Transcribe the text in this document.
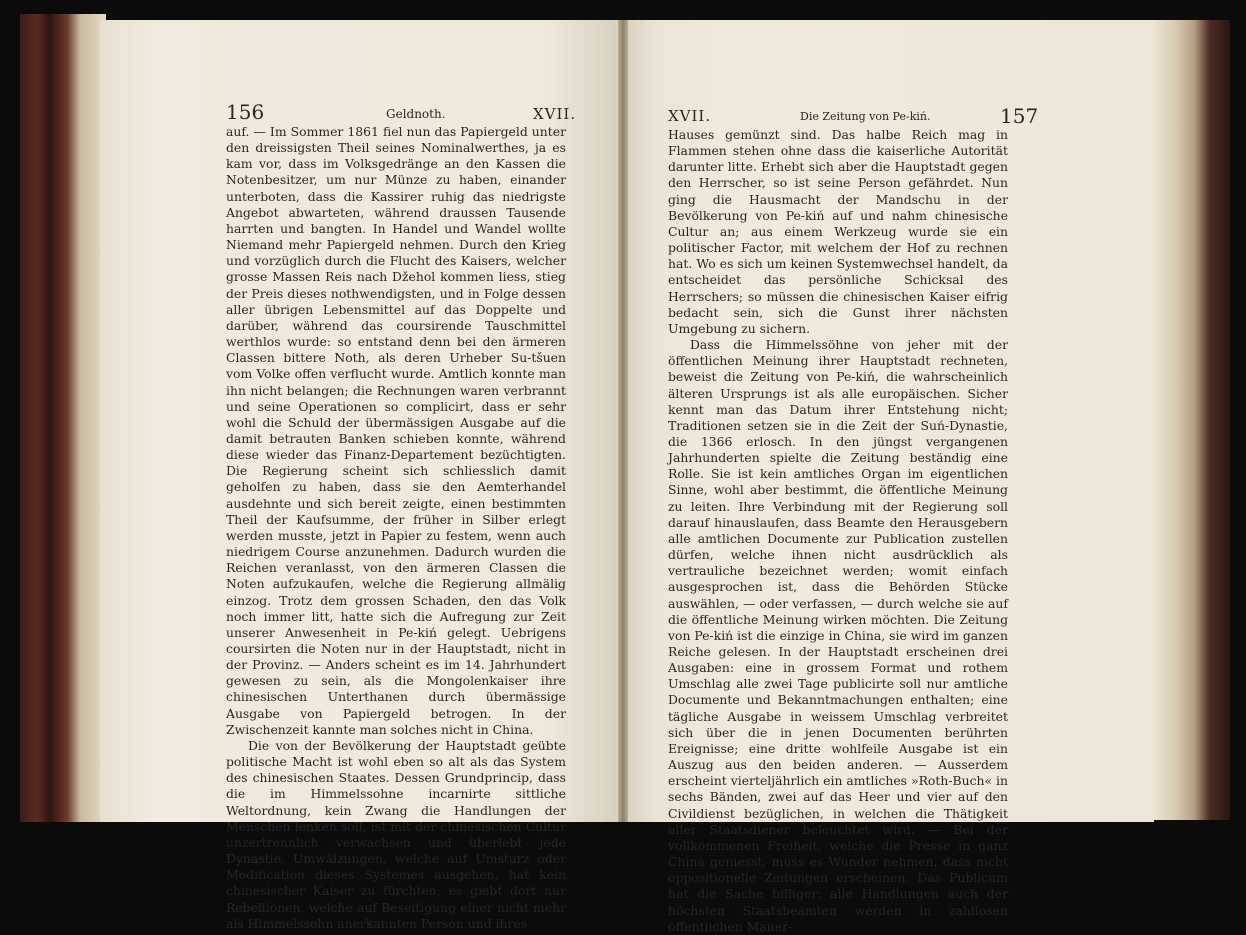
156	Geldnoth.	XVII.	XVII.	Die Zeitung von Pe-kiń.	157

auf. — Im Sommer 1861 fiel nun das Papiergeld unter den dreissigsten Theil seines Nominalwerthes, ja es kam vor, dass im Volksgedränge an den Kassen die Notenbesitzer, um nur Münze zu haben, einander unterboten, dass die Kassirer ruhig das niedrigste Angebot abwarteten, während draussen Tausende harrten und bangten. In Handel und Wandel wollte Niemand mehr Papiergeld nehmen. Durch den Krieg und vorzüglich durch die Flucht des Kaisers, welcher grosse Massen Reis nach Džehol kommen liess, stieg der Preis dieses nothwendigsten, und in Folge dessen aller übrigen Lebensmittel auf das Doppelte und darüber, während das coursirende Tauschmittel werthlos wurde: so entstand denn bei den ärmeren Classen bittere Noth, als deren Urheber Su-tšuen vom Volke offen verflucht wurde. Amtlich konnte man ihn nicht belangen; die Rechnungen waren verbrannt und seine Operationen so complicirt, dass er sehr wohl die Schuld der übermässigen Ausgabe auf die damit betrauten Banken schieben konnte, während diese wieder das Finanz-Departement bezüchtigten. Die Regierung scheint sich schliesslich damit geholfen zu haben, dass sie den Aemterhandel ausdehnte und sich bereit zeigte, einen bestimmten Theil der Kaufsumme, der früher in Silber erlegt werden musste, jetzt in Papier zu festem, wenn auch niedrigem Course anzunehmen. Dadurch wurden die Reichen veranlasst, von den ärmeren Classen die Noten aufzukaufen, welche die Regierung allmälig einzog. Trotz dem grossen Schaden, den das Volk noch immer litt, hatte sich die Aufregung zur Zeit unserer Anwesenheit in Pe-kiń gelegt. Uebrigens coursirten die Noten nur in der Hauptstadt, nicht in der Provinz. — Anders scheint es im 14. Jahrhundert gewesen zu sein, als die Mongolenkaiser ihre chinesischen Unterthanen durch übermässige Ausgabe von Papiergeld betrogen. In der Zwischenzeit kannte man solches nicht in China.

Die von der Bevölkerung der Hauptstadt geübte politische Macht ist wohl eben so alt als das System des chinesischen Staates. Dessen Grundprincip, dass die im Himmelssohne incarnirte sittliche Weltordnung, kein Zwang die Handlungen der Menschen lenken soll, ist mit der chinesischen Cultur unzertrennlich verwachsen und überlebt jede Dynastie. Umwälzungen, welche auf Umsturz oder Modification dieses Systemes ausgehen, hat kein chinesischer Kaiser zu fürchten; es giebt dort nur Rebellionen, welche auf Beseitigung einer nicht mehr als Himmelssohn anerkannten Person und ihres

Hauses gemünzt sind. Das halbe Reich mag in Flammen stehen ohne dass die kaiserliche Autorität darunter litte. Erhebt sich aber die Hauptstadt gegen den Herrscher, so ist seine Person gefährdet. Nun ging die Hausmacht der Mandschu in der Bevölkerung von Pe-kiń auf und nahm chinesische Cultur an; aus einem Werkzeug wurde sie ein politischer Factor, mit welchem der Hof zu rechnen hat. Wo es sich um keinen Systemwechsel handelt, da entscheidet das persönliche Schicksal des Herrschers; so müssen die chinesischen Kaiser eifrig bedacht sein, sich die Gunst ihrer nächsten Umgebung zu sichern.

Dass die Himmelssöhne von jeher mit der öffentlichen Meinung ihrer Hauptstadt rechneten, beweist die Zeitung von Pe-kiń, die wahrscheinlich älteren Ursprungs ist als alle europäischen. Sicher kennt man das Datum ihrer Entstehung nicht; Traditionen setzen sie in die Zeit der Suń-Dynastie, die 1366 erlosch. In den jüngst vergangenen Jahrhunderten spielte die Zeitung beständig eine Rolle. Sie ist kein amtliches Organ im eigentlichen Sinne, wohl aber bestimmt, die öffentliche Meinung zu leiten. Ihre Verbindung mit der Regierung soll darauf hinauslaufen, dass Beamte den Herausgebern alle amtlichen Documente zur Publication zustellen dürfen, welche ihnen nicht ausdrücklich als vertrauliche bezeichnet werden; womit einfach ausgesprochen ist, dass die Behörden Stücke auswählen, — oder verfassen, — durch welche sie auf die öffentliche Meinung wirken möchten. Die Zeitung von Pe-kiń ist die einzige in China, sie wird im ganzen Reiche gelesen. In der Hauptstadt erscheinen drei Ausgaben: eine in grossem Format und rothem Umschlag alle zwei Tage publicirte soll nur amtliche Documente und Bekanntmachungen enthalten; eine tägliche Ausgabe in weissem Umschlag verbreitet sich über die in jenen Documenten berührten Ereignisse; eine dritte wohlfeile Ausgabe ist ein Auszug aus den beiden anderen. — Ausserdem erscheint vierteljährlich ein amtliches »Roth-Buch« in sechs Bänden, zwei auf das Heer und vier auf den Civildienst bezüglichen, in welchen die Thätigkeit aller Staatsdiener beleuchtet wird. — Bei der vollkommenen Freiheit, welche die Presse in ganz China geniesst, muss es Wunder nehmen, dass nicht oppositionelle Zeitungen erscheinen. Das Publicum hat die Sache billiger: alle Handlungen auch der höchsten Staatsbeamten werden in zahllosen öffentlichen Mauer-
